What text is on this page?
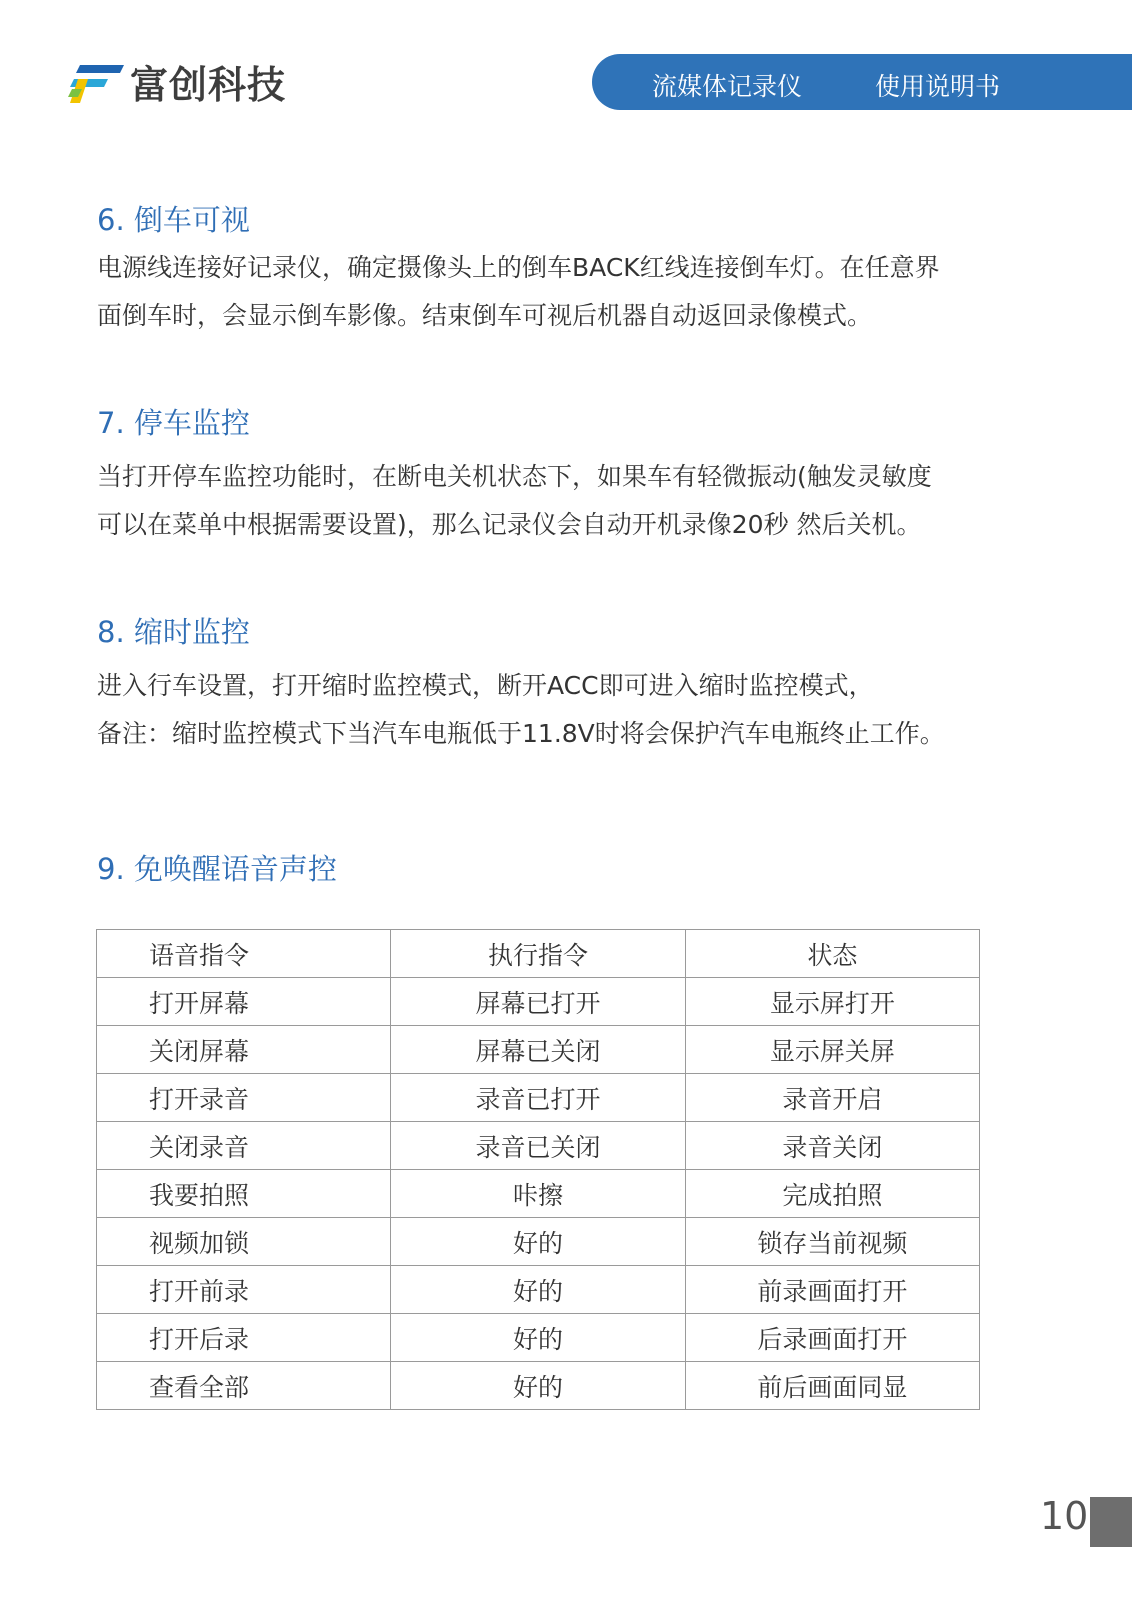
富创科技	流媒体记录仪	使用说明书
6. 倒车可视
电源线连接好记录仪，确定摄像头上的倒车BACK红线连接倒车灯。在任意界
面倒车时，会显示倒车影像。结束倒车可视后机器自动返回录像模式。
7. 停车监控
当打开停车监控功能时，在断电关机状态下，如果车有轻微振动(触发灵敏度
可以在菜单中根据需要设置)，那么记录仪会自动开机录像20秒 然后关机。
8. 缩时监控
进入行车设置，打开缩时监控模式，断开ACC即可进入缩时监控模式，
备注：缩时监控模式下当汽车电瓶低于11.8V时将会保护汽车电瓶终止工作。
9. 免唤醒语音声控
语音指令	执行指令	状态
打开屏幕	屏幕已打开	显示屏打开
关闭屏幕	屏幕已关闭	显示屏关屏
打开录音	录音已打开	录音开启
关闭录音	录音已关闭	录音关闭
我要拍照	咔擦	完成拍照
视频加锁	好的	锁存当前视频
打开前录	好的	前录画面打开
打开后录	好的	后录画面打开
查看全部	好的	前后画面同显
10
